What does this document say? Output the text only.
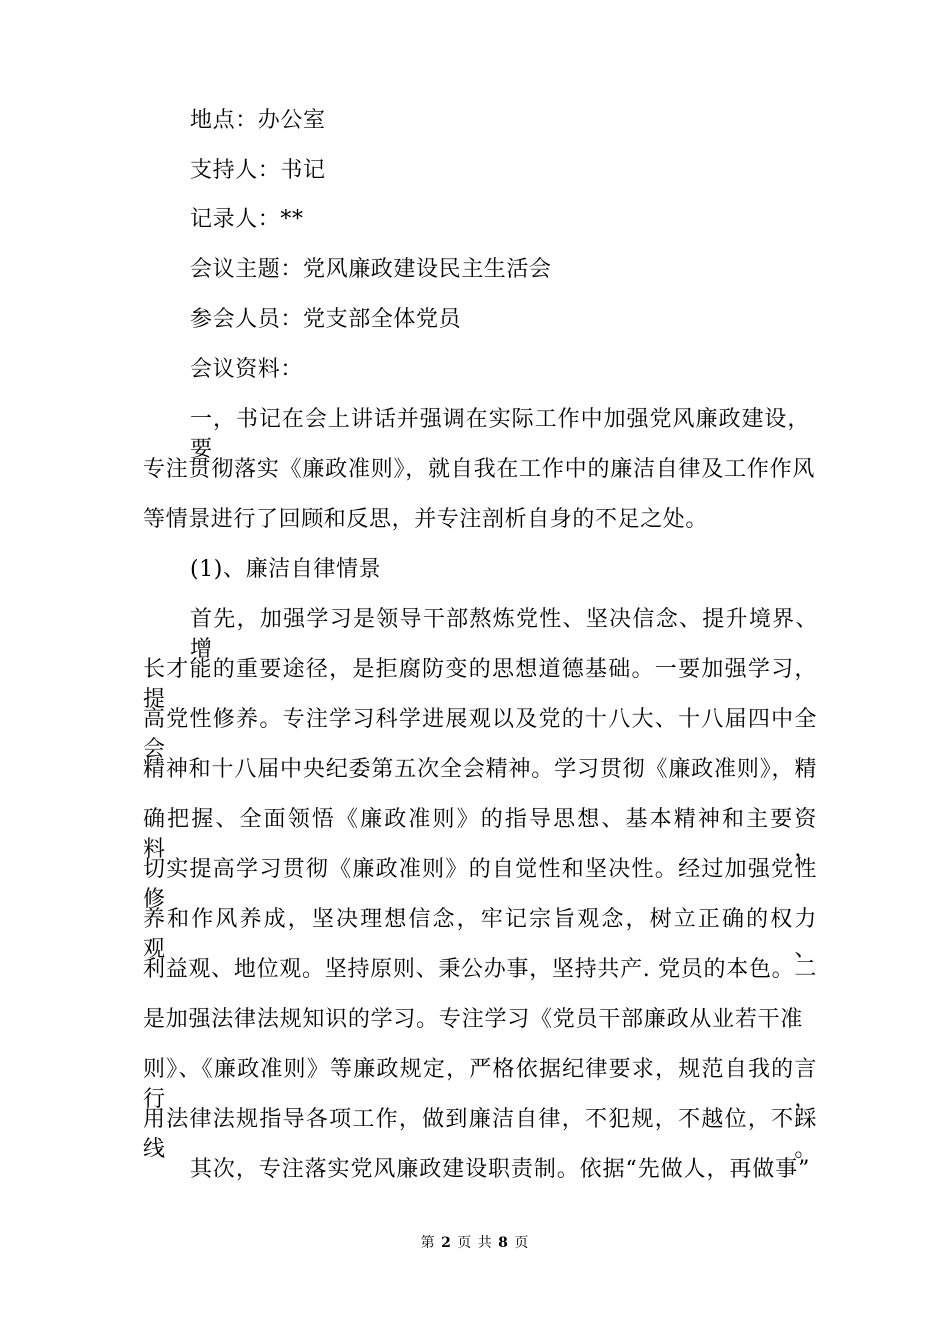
地点：办公室
支持人：书记
记录人：**
会议主题：党风廉政建设民主生活会
参会人员：党支部全体党员
会议资料：
一，书记在会上讲话并强调在实际工作中加强党风廉政建设，要
专注贯彻落实《廉政准则》，就自我在工作中的廉洁自律及工作作风
等情景进行了回顾和反思，并专注剖析自身的不足之处。
(1)、廉洁自律情景
首先，加强学习是领导干部熬炼党性、坚决信念、提升境界、增
长才能的重要途径，是拒腐防变的思想道德基础。一要加强学习，提
高党性修养。专注学习科学进展观以及党的十八大、十八届四中全会
精神和十八届中央纪委第五次全会精神。学习贯彻《廉政准则》，精
确把握、全面领悟《廉政准则》的指导思想、基本精神和主要资料，
切实提高学习贯彻《廉政准则》的自觉性和坚决性。经过加强党性修
养和作风养成，坚决理想信念，牢记宗旨观念，树立正确的权力观、
利益观、地位观。坚持原则、秉公办事，坚持共产. 党员的本色。二
是加强法律法规知识的学习。专注学习《党员干部廉政从业若干准
则》、《廉政准则》等廉政规定，严格依据纪律要求，规范自我的言行，
用法律法规指导各项工作，做到廉洁自律，不犯规，不越位，不踩线。
其次，专注落实党风廉政建设职责制。依据“先做人，再做事”
第 2 页 共 8 页
